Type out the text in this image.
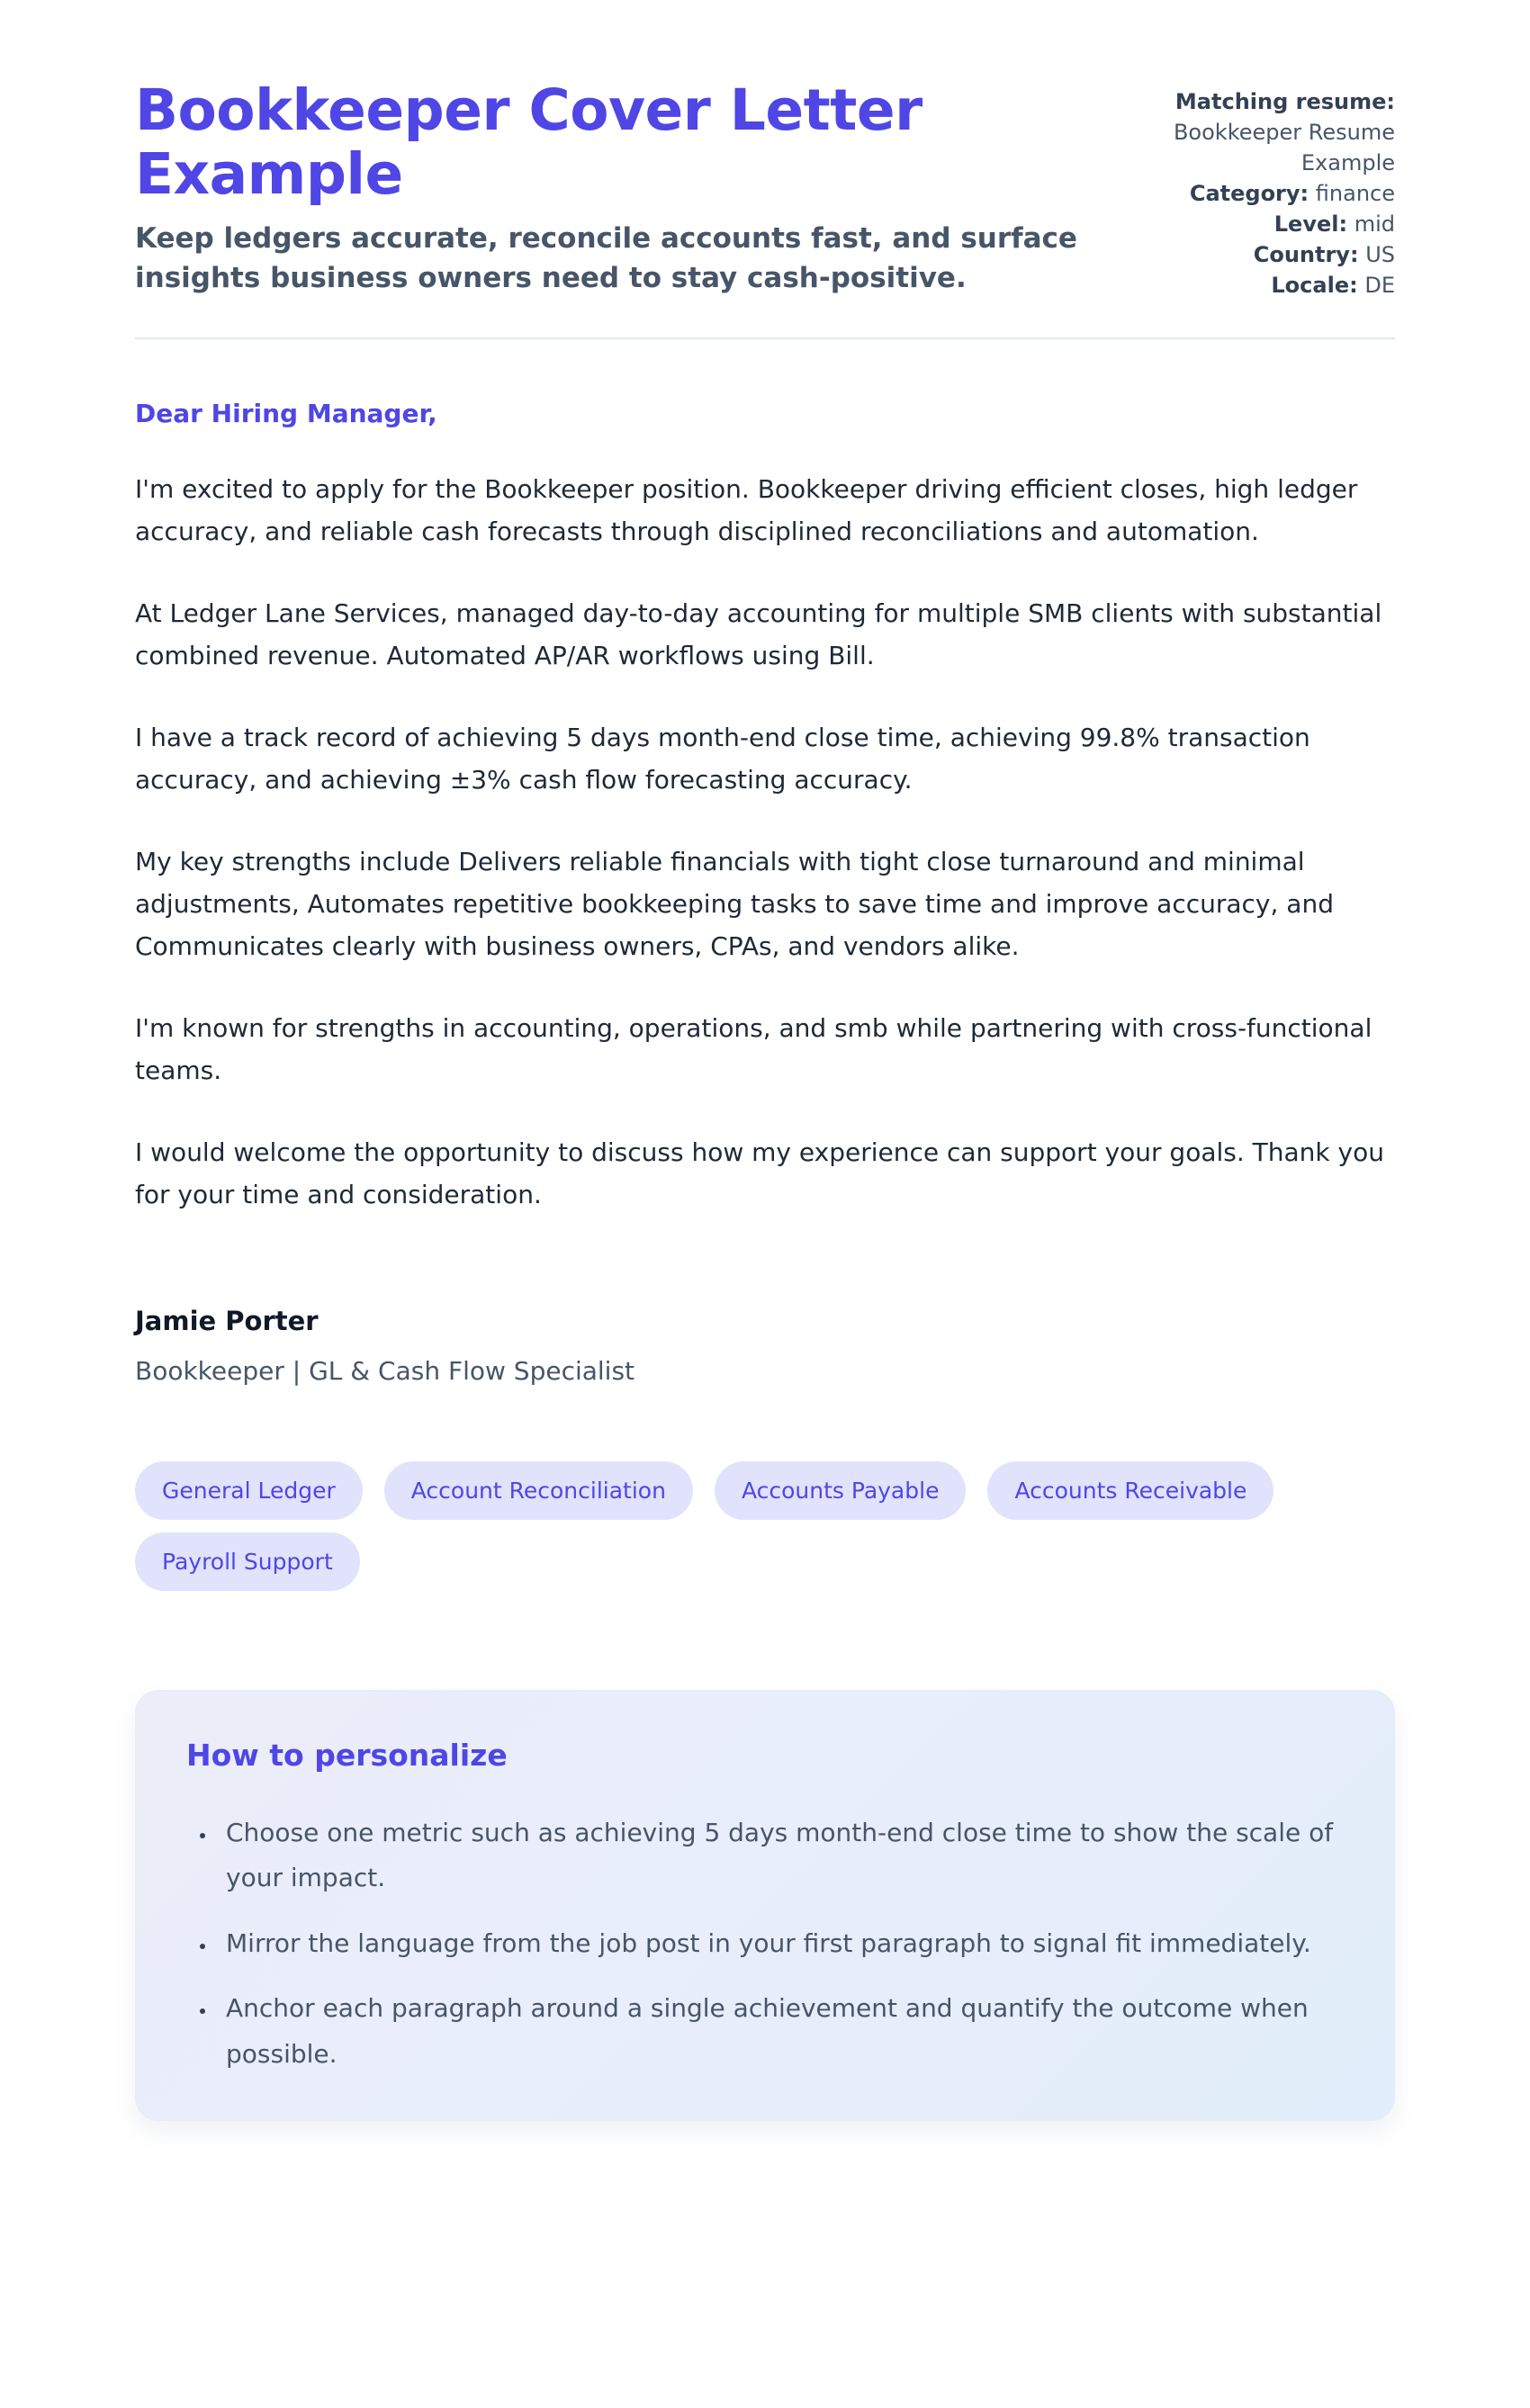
Bookkeeper Cover Letter Example

Keep ledgers accurate, reconcile accounts fast, and surface insights business owners need to stay cash-positive.

Matching resume: Bookkeeper Resume Example
Category: finance
Level: mid
Country: US
Locale: DE

Dear Hiring Manager,

I'm excited to apply for the Bookkeeper position. Bookkeeper driving efficient closes, high ledger accuracy, and reliable cash forecasts through disciplined reconciliations and automation.

At Ledger Lane Services, managed day-to-day accounting for multiple SMB clients with substantial combined revenue. Automated AP/AR workflows using Bill.

I have a track record of achieving 5 days month-end close time, achieving 99.8% transaction accuracy, and achieving ±3% cash flow forecasting accuracy.

My key strengths include Delivers reliable financials with tight close turnaround and minimal adjustments, Automates repetitive bookkeeping tasks to save time and improve accuracy, and Communicates clearly with business owners, CPAs, and vendors alike.

I'm known for strengths in accounting, operations, and smb while partnering with cross-functional teams.

I would welcome the opportunity to discuss how my experience can support your goals. Thank you for your time and consideration.

Jamie Porter

Bookkeeper | GL & Cash Flow Specialist

General Ledger	Account Reconciliation	Accounts Payable	Accounts Receivable
Payroll Support
How to personalize
• Choose one metric such as achieving 5 days month-end close time to show the scale of your impact.
• Mirror the language from the job post in your first paragraph to signal fit immediately.
• Anchor each paragraph around a single achievement and quantify the outcome when possible.
